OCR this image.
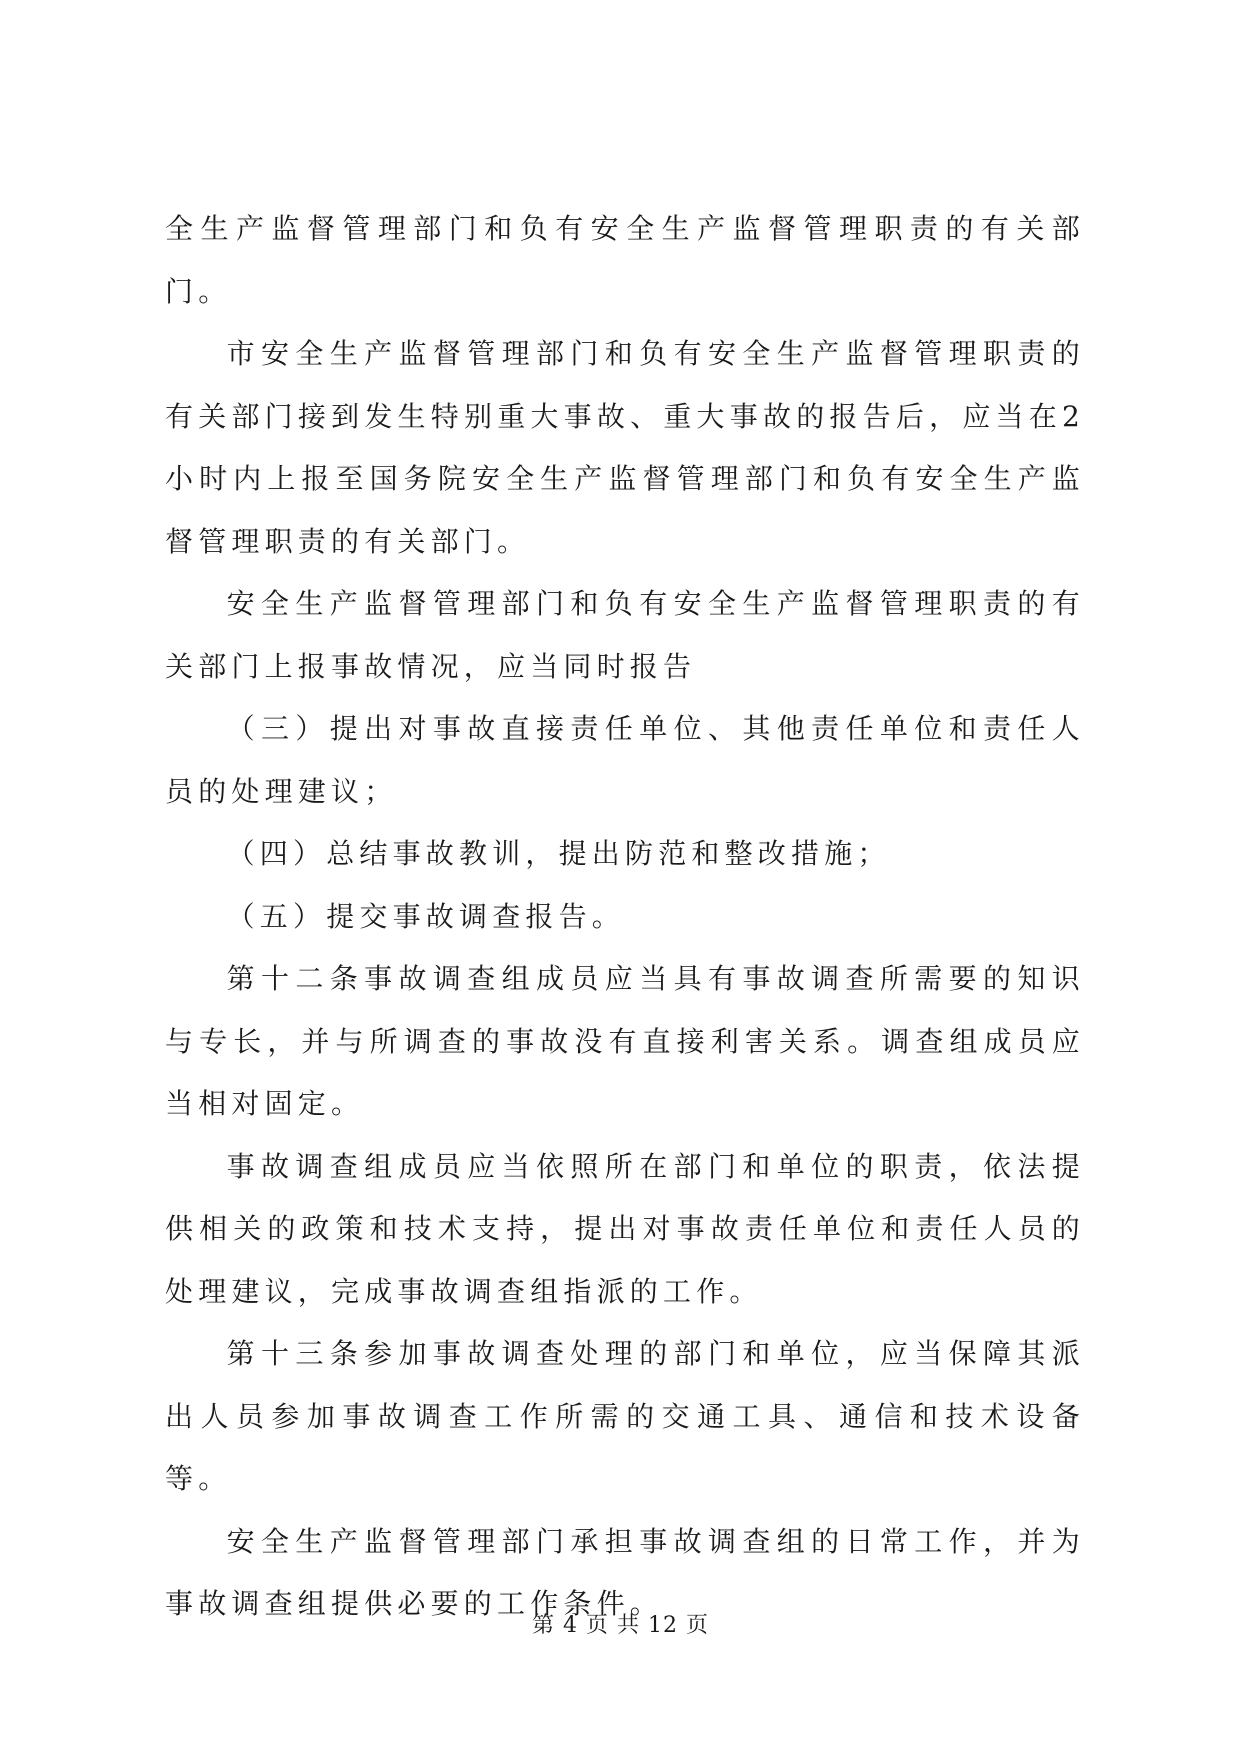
全生产监督管理部门和负有安全生产监督管理职责的有关部门。

市安全生产监督管理部门和负有安全生产监督管理职责的有关部门接到发生特别重大事故、重大事故的报告后，应当在2小时内上报至国务院安全生产监督管理部门和负有安全生产监督管理职责的有关部门。

安全生产监督管理部门和负有安全生产监督管理职责的有关部门上报事故情况，应当同时报告

（三）提出对事故直接责任单位、其他责任单位和责任人员的处理建议；

（四）总结事故教训，提出防范和整改措施；

（五）提交事故调查报告。

第十二条事故调查组成员应当具有事故调查所需要的知识与专长，并与所调查的事故没有直接利害关系。调查组成员应当相对固定。

事故调查组成员应当依照所在部门和单位的职责，依法提供相关的政策和技术支持，提出对事故责任单位和责任人员的处理建议，完成事故调查组指派的工作。

第十三条参加事故调查处理的部门和单位，应当保障其派出人员参加事故调查工作所需的交通工具、通信和技术设备等。

安全生产监督管理部门承担事故调查组的日常工作，并为事故调查组提供必要的工作条件。

第 4 页 共 12 页
